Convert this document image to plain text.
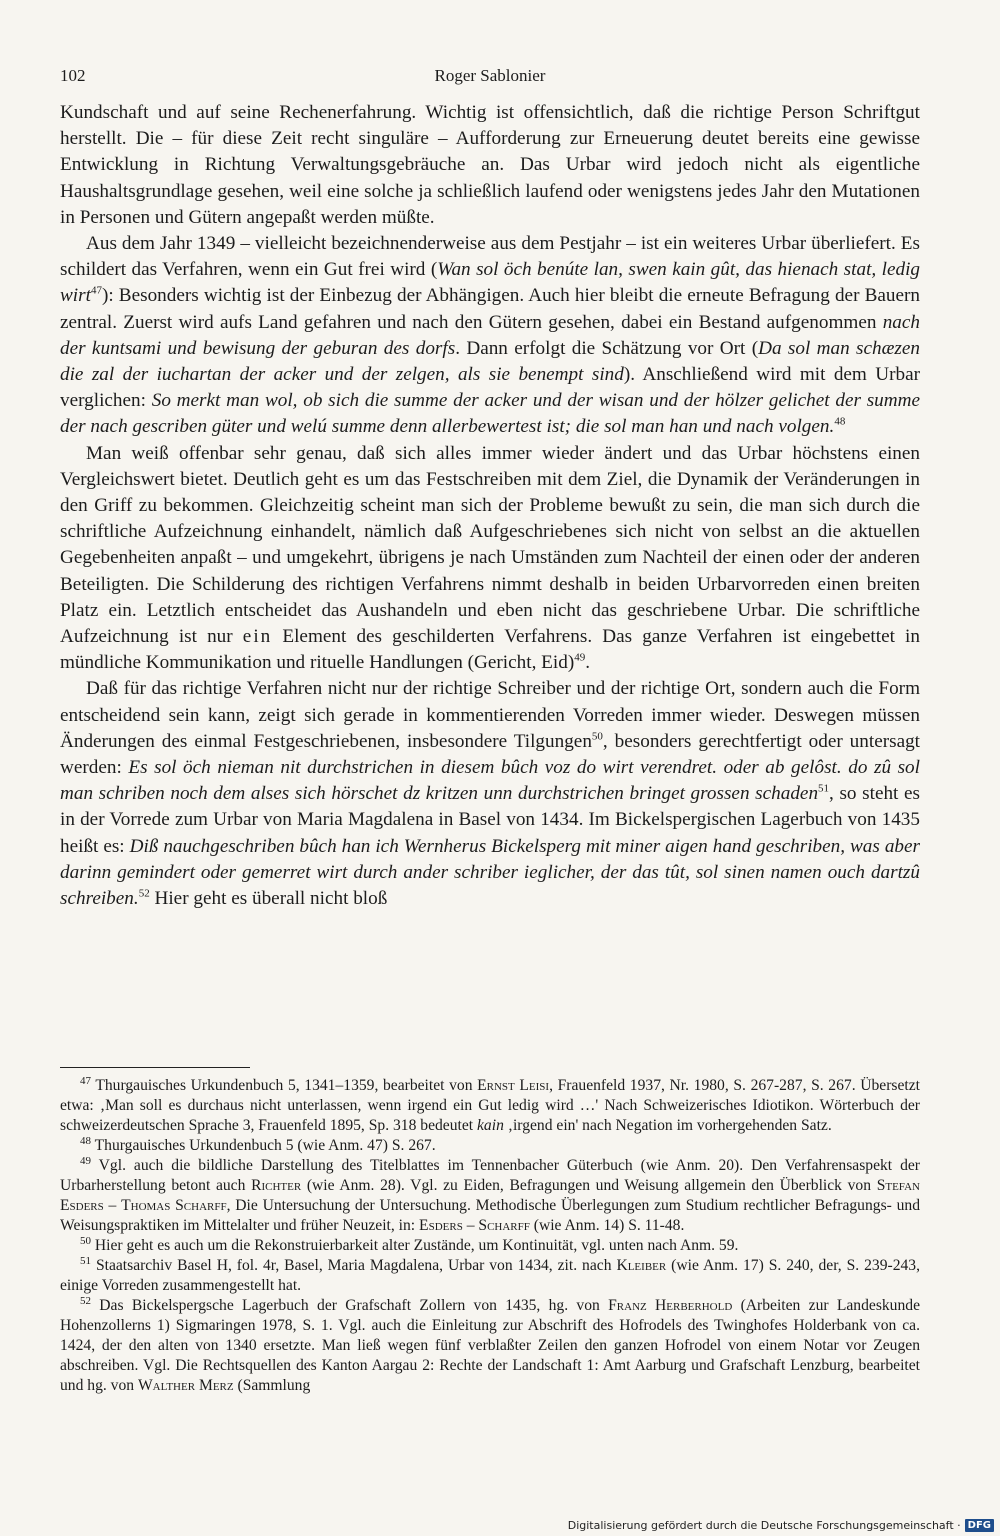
102	Roger Sablonier

Kundschaft und auf seine Rechenerfahrung. Wichtig ist offensichtlich, daß die richtige Person Schriftgut herstellt. Die – für diese Zeit recht singuläre – Aufforderung zur Erneuerung deutet bereits eine gewisse Entwicklung in Richtung Verwaltungsgebräuche an. Das Urbar wird jedoch nicht als eigentliche Haushaltsgrundlage gesehen, weil eine solche ja schließlich laufend oder wenigstens jedes Jahr den Mutationen in Personen und Gütern angepaßt werden müßte.

Aus dem Jahr 1349 – vielleicht bezeichnenderweise aus dem Pestjahr – ist ein weiteres Urbar überliefert. Es schildert das Verfahren, wenn ein Gut frei wird (Wan sol öch benúte lan, swen kain gût, das hienach stat, ledig wirt$^{47}$): Besonders wichtig ist der Einbezug der Abhängigen. Auch hier bleibt die erneute Befragung der Bauern zentral. Zuerst wird aufs Land gefahren und nach den Gütern gesehen, dabei ein Bestand aufgenommen nach der kuntsami und bewisung der geburan des dorfs. Dann erfolgt die Schätzung vor Ort (Da sol man schæzen die zal der iuchartan der acker und der zelgen, als sie benempt sind). Anschließend wird mit dem Urbar verglichen: So merkt man wol, ob sich die summe der acker und der wisan und der hölzer gelichet der summe der nach gescriben güter und welú summe denn allerbewertest ist; die sol man han und nach volgen.$^{48}$

Man weiß offenbar sehr genau, daß sich alles immer wieder ändert und das Urbar höchstens einen Vergleichswert bietet. Deutlich geht es um das Festschreiben mit dem Ziel, die Dynamik der Veränderungen in den Griff zu bekommen. Gleichzeitig scheint man sich der Probleme bewußt zu sein, die man sich durch die schriftliche Aufzeichnung einhandelt, nämlich daß Aufgeschriebenes sich nicht von selbst an die aktuellen Gegebenheiten anpaßt – und umgekehrt, übrigens je nach Umständen zum Nachteil der einen oder der anderen Beteiligten. Die Schilderung des richtigen Verfahrens nimmt deshalb in beiden Urbarvorreden einen breiten Platz ein. Letztlich entscheidet das Aushandeln und eben nicht das geschriebene Urbar. Die schriftliche Aufzeichnung ist nur ein Element des geschilderten Verfahrens. Das ganze Verfahren ist eingebettet in mündliche Kommunikation und rituelle Handlungen (Gericht, Eid)$^{49}$.

Daß für das richtige Verfahren nicht nur der richtige Schreiber und der richtige Ort, sondern auch die Form entscheidend sein kann, zeigt sich gerade in kommentierenden Vorreden immer wieder. Deswegen müssen Änderungen des einmal Festgeschriebenen, insbesondere Tilgungen$^{50}$, besonders gerechtfertigt oder untersagt werden: Es sol öch nieman nit durchstrichen in diesem bûch voz do wirt verendret. oder ab gelôst. do zû sol man schriben noch dem alses sich hörschet dz kritzen unn durchstrichen bringet grossen schaden$^{51}$, so steht es in der Vorrede zum Urbar von Maria Magdalena in Basel von 1434. Im Bickelspergischen Lagerbuch von 1435 heißt es: Diß nauchgeschriben bûch han ich Wernherus Bickelsperg mit miner aigen hand geschriben, was aber darinn gemindert oder gemerret wirt durch ander schriber ieglicher, der das tût, sol sinen namen ouch dartzû schreiben.$^{52}$ Hier geht es überall nicht bloß

$^{47}$ Thurgauisches Urkundenbuch 5, 1341–1359, bearbeitet von Ernst Leisi, Frauenfeld 1937, Nr. 1980, S. 267-287, S. 267. Übersetzt etwa: ‚Man soll es durchaus nicht unterlassen, wenn irgend ein Gut ledig wird …' Nach Schweizerisches Idiotikon. Wörterbuch der schweizerdeutschen Sprache 3, Frauenfeld 1895, Sp. 318 bedeutet kain ‚irgend ein' nach Negation im vorhergehenden Satz.

$^{48}$ Thurgauisches Urkundenbuch 5 (wie Anm. 47) S. 267.

$^{49}$ Vgl. auch die bildliche Darstellung des Titelblattes im Tennenbacher Güterbuch (wie Anm. 20). Den Verfahrensaspekt der Urbarherstellung betont auch Richter (wie Anm. 28). Vgl. zu Eiden, Befragungen und Weisung allgemein den Überblick von Stefan Esders – Thomas Scharff, Die Untersuchung der Untersuchung. Methodische Überlegungen zum Studium rechtlicher Befragungs- und Weisungspraktiken im Mittelalter und früher Neuzeit, in: Esders – Scharff (wie Anm. 14) S. 11-48.

$^{50}$ Hier geht es auch um die Rekonstruierbarkeit alter Zustände, um Kontinuität, vgl. unten nach Anm. 59.

$^{51}$ Staatsarchiv Basel H, fol. 4r, Basel, Maria Magdalena, Urbar von 1434, zit. nach Kleiber (wie Anm. 17) S. 240, der, S. 239-243, einige Vorreden zusammengestellt hat.

$^{52}$ Das Bickelspergsche Lagerbuch der Grafschaft Zollern von 1435, hg. von Franz Herberhold (Arbeiten zur Landeskunde Hohenzollerns 1) Sigmaringen 1978, S. 1. Vgl. auch die Einleitung zur Abschrift des Hofrodels des Twinghofes Holderbank von ca. 1424, der den alten von 1340 ersetzte. Man ließ wegen fünf verblaßter Zeilen den ganzen Hofrodel von einem Notar vor Zeugen abschreiben. Vgl. Die Rechtsquellen des Kanton Aargau 2: Rechte der Landschaft 1: Amt Aarburg und Grafschaft Lenzburg, bearbeitet und hg. von Walther Merz (Sammlung

Digitalisierung gefördert durch die Deutsche Forschungsgemeinschaft · DFG
